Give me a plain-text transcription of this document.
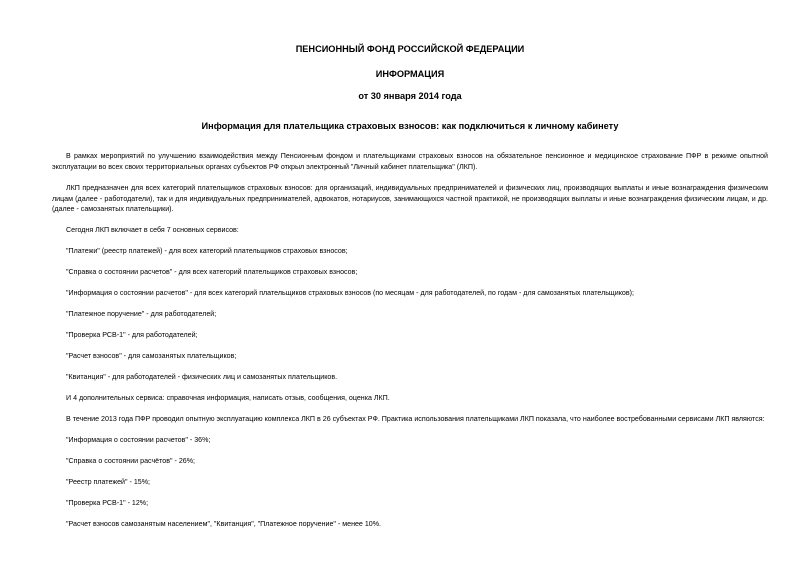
ПЕНСИОННЫЙ ФОНД РОССИЙСКОЙ ФЕДЕРАЦИИ
ИНФОРМАЦИЯ
от 30 января 2014 года
Информация для плательщика страховых взносов: как подключиться к личному кабинету
В рамках мероприятий по улучшению взаимодействия между Пенсионным фондом и плательщиками страховых взносов на обязательное пенсионное и медицинское страхование ПФР в режиме опытной эксплуатации во всех своих территориальных органах субъектов РФ открыл электронный "Личный кабинет плательщика" (ЛКП).
ЛКП предназначен для всех категорий плательщиков страховых взносов: для организаций, индивидуальных предпринимателей и физических лиц, производящих выплаты и иные вознаграждения физическим лицам (далее - работодатели), так и для индивидуальных предпринимателей, адвокатов, нотариусов, занимающихся частной практикой, не производящих выплаты и иные вознаграждения физическим лицам, и др. (далее - самозанятых плательщики).
Сегодня ЛКП включает в себя 7 основных сервисов:
"Платежи" (реестр платежей) - для всех категорий плательщиков страховых взносов;
"Справка о состоянии расчетов" - для всех категорий плательщиков страховых взносов;
"Информация о состоянии расчетов" - для всех категорий плательщиков страховых взносов (по месяцам - для работодателей, по годам - для самозанятых плательщиков);
"Платежное поручение" - для работодателей;
"Проверка РСВ-1" - для работодателей;
"Расчет взносов" - для самозанятых плательщиков;
"Квитанция" - для работодателей - физических лиц и самозанятых плательщиков.
И 4 дополнительных сервиса: справочная информация, написать отзыв, сообщения, оценка ЛКП.
В течение 2013 года ПФР проводил опытную эксплуатацию комплекса ЛКП в 26 субъектах РФ. Практика использования плательщиками ЛКП показала, что наиболее востребованными сервисами ЛКП являются:
"Информация о состоянии расчетов" - 36%;
"Справка о состоянии расчётов" - 26%;
"Реестр платежей" - 15%;
"Проверка РСВ-1" - 12%;
"Расчет взносов самозанятым населением", "Квитанция", "Платежное поручение" - менее 10%.
